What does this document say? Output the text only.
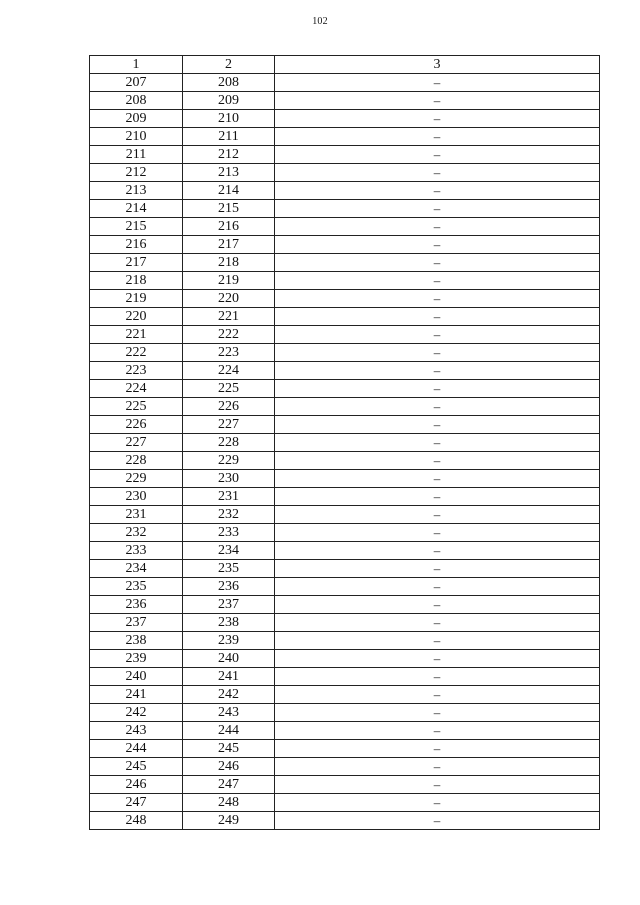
102
1	2	3
207	208	–
208	209	–
209	210	–
210	211	–
211	212	–
212	213	–
213	214	–
214	215	–
215	216	–
216	217	–
217	218	–
218	219	–
219	220	–
220	221	–
221	222	–
222	223	–
223	224	–
224	225	–
225	226	–
226	227	–
227	228	–
228	229	–
229	230	–
230	231	–
231	232	–
232	233	–
233	234	–
234	235	–
235	236	–
236	237	–
237	238	–
238	239	–
239	240	–
240	241	–
241	242	–
242	243	–
243	244	–
244	245	–
245	246	–
246	247	–
247	248	–
248	249	–
